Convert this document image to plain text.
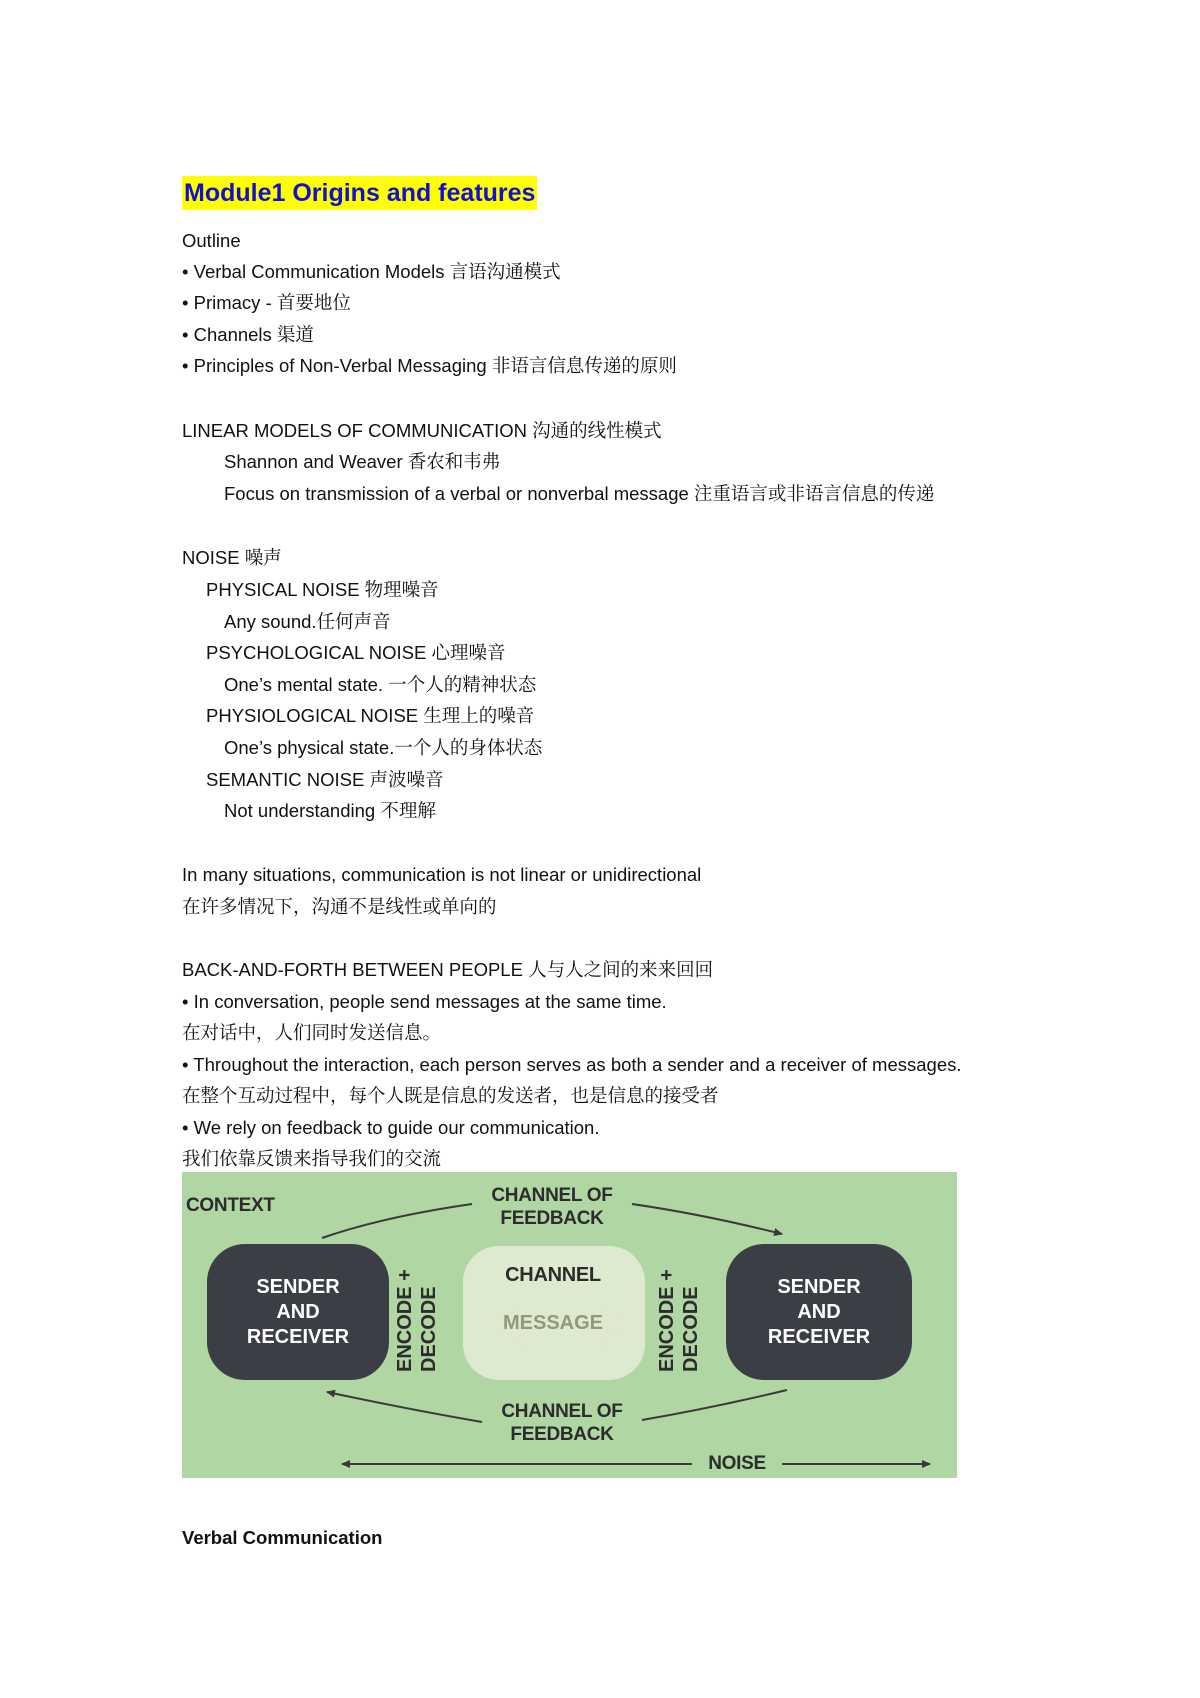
Module1 Origins and features
Outline
• Verbal Communication Models 言语沟通模式
• Primacy - 首要地位
• Channels 渠道
• Principles of Non-Verbal Messaging 非语言信息传递的原则
LINEAR MODELS OF COMMUNICATION 沟通的线性模式
Shannon and Weaver 香农和韦弗
Focus on transmission of a verbal or nonverbal message 注重语言或非语言信息的传递
NOISE 噪声
PHYSICAL NOISE 物理噪音
Any sound.任何声音
PSYCHOLOGICAL NOISE 心理噪音
One’s mental state. 一个人的精神状态
PHYSIOLOGICAL NOISE 生理上的噪音
One’s physical state.一个人的身体状态
SEMANTIC NOISE 声波噪音
Not understanding 不理解
In many situations, communication is not linear or unidirectional
在许多情况下，沟通不是线性或单向的
BACK-AND-FORTH BETWEEN PEOPLE 人与人之间的来来回回
• In conversation, people send messages at the same time.
在对话中，人们同时发送信息。
• Throughout the interaction, each person serves as both a sender and a receiver of messages.
在整个互动过程中，每个人既是信息的发送者，也是信息的接受者
• We rely on feedback to guide our communication.
我们依靠反馈来指导我们的交流
Verbal Communication
CONTEXT	CHANNEL OF
FEEDBACK
CHANNEL OF
FEEDBACK
NOISE
SENDER
AND
RECEIVER
SENDER
AND
RECEIVER
ENCODE +
DECODE	ENCODE +
DECODE
CHANNEL
MESSAGE
